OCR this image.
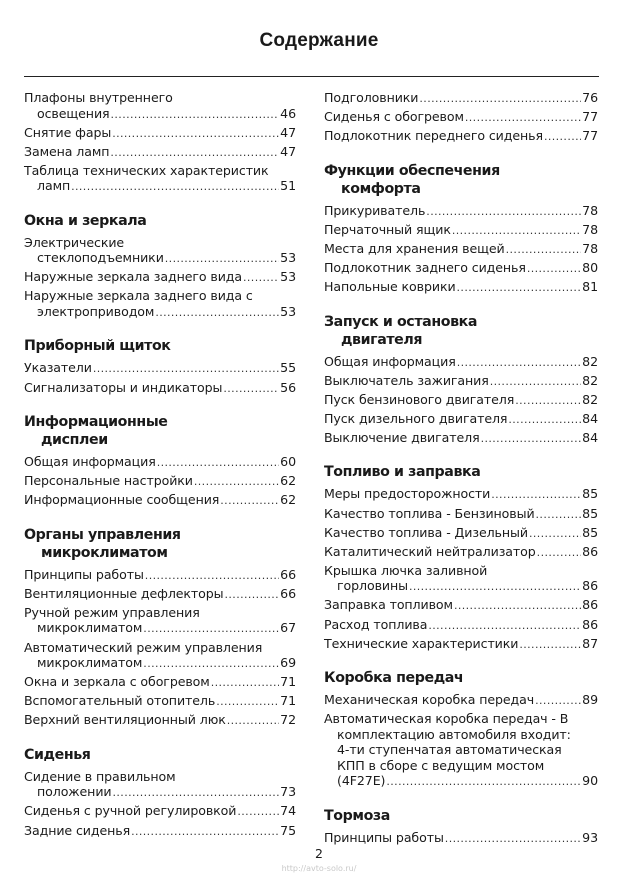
Содержание
Плафоны внутреннего
освещения .....	46
Снятие фары .....	47
Замена ламп .....	47
Таблица технических характеристик
ламп .....	51
Окна и зеркала
Электрические
стеклоподъемники .....	53
Наружные зеркала заднего вида .....	53
Наружные зеркала заднего вида с
электроприводом .....	53
Приборный щиток
Указатели .....	55
Сигнализаторы и индикаторы .....	56
Информационные
дисплеи
Общая информация .....	60
Персональные настройки .....	62
Информационные сообщения .....	62
Органы управления
микроклиматом
Принципы работы .....	66
Вентиляционные дефлекторы .....	66
Ручной режим управления
микроклиматом .....	67
Автоматический режим управления
микроклиматом .....	69
Окна и зеркала с обогревом .....	71
Вспомогательный отопитель .....	71
Верхний вентиляционный люк .....	72
Сиденья
Сидение в правильном
положении .....	73
Сиденья с ручной регулировкой .....	74
Задние сиденья .....	75
Подголовники .....	76
Сиденья с обогревом .....	77
Подлокотник переднего сиденья .....	77
Функции обеспечения
комфорта
Прикуриватель .....	78
Перчаточный ящик .....	78
Места для хранения вещей .....	78
Подлокотник заднего сиденья .....	80
Напольные коврики .....	81
Запуск и остановка
двигателя
Общая информация .....	82
Выключатель зажигания .....	82
Пуск бензинового двигателя .....	82
Пуск дизельного двигателя .....	84
Выключение двигателя .....	84
Топливо и заправка
Меры предосторожности .....	85
Качество топлива - Бензиновый .....	85
Качество топлива - Дизельный .....	85
Каталитический нейтрализатор .....	86
Крышка лючка заливной
горловины .....	86
Заправка топливом .....	86
Расход топлива .....	86
Технические характеристики .....	87
Коробка передач
Механическая коробка передач .....	89
Автоматическая коробка передач - В
комплектацию автомобиля входит:
4-ти ступенчатая автоматическая
КПП в сборе с ведущим мостом
(4F27E) .....	90
Тормоза
Принципы работы .....	93
2
http://avto-solo.ru/
